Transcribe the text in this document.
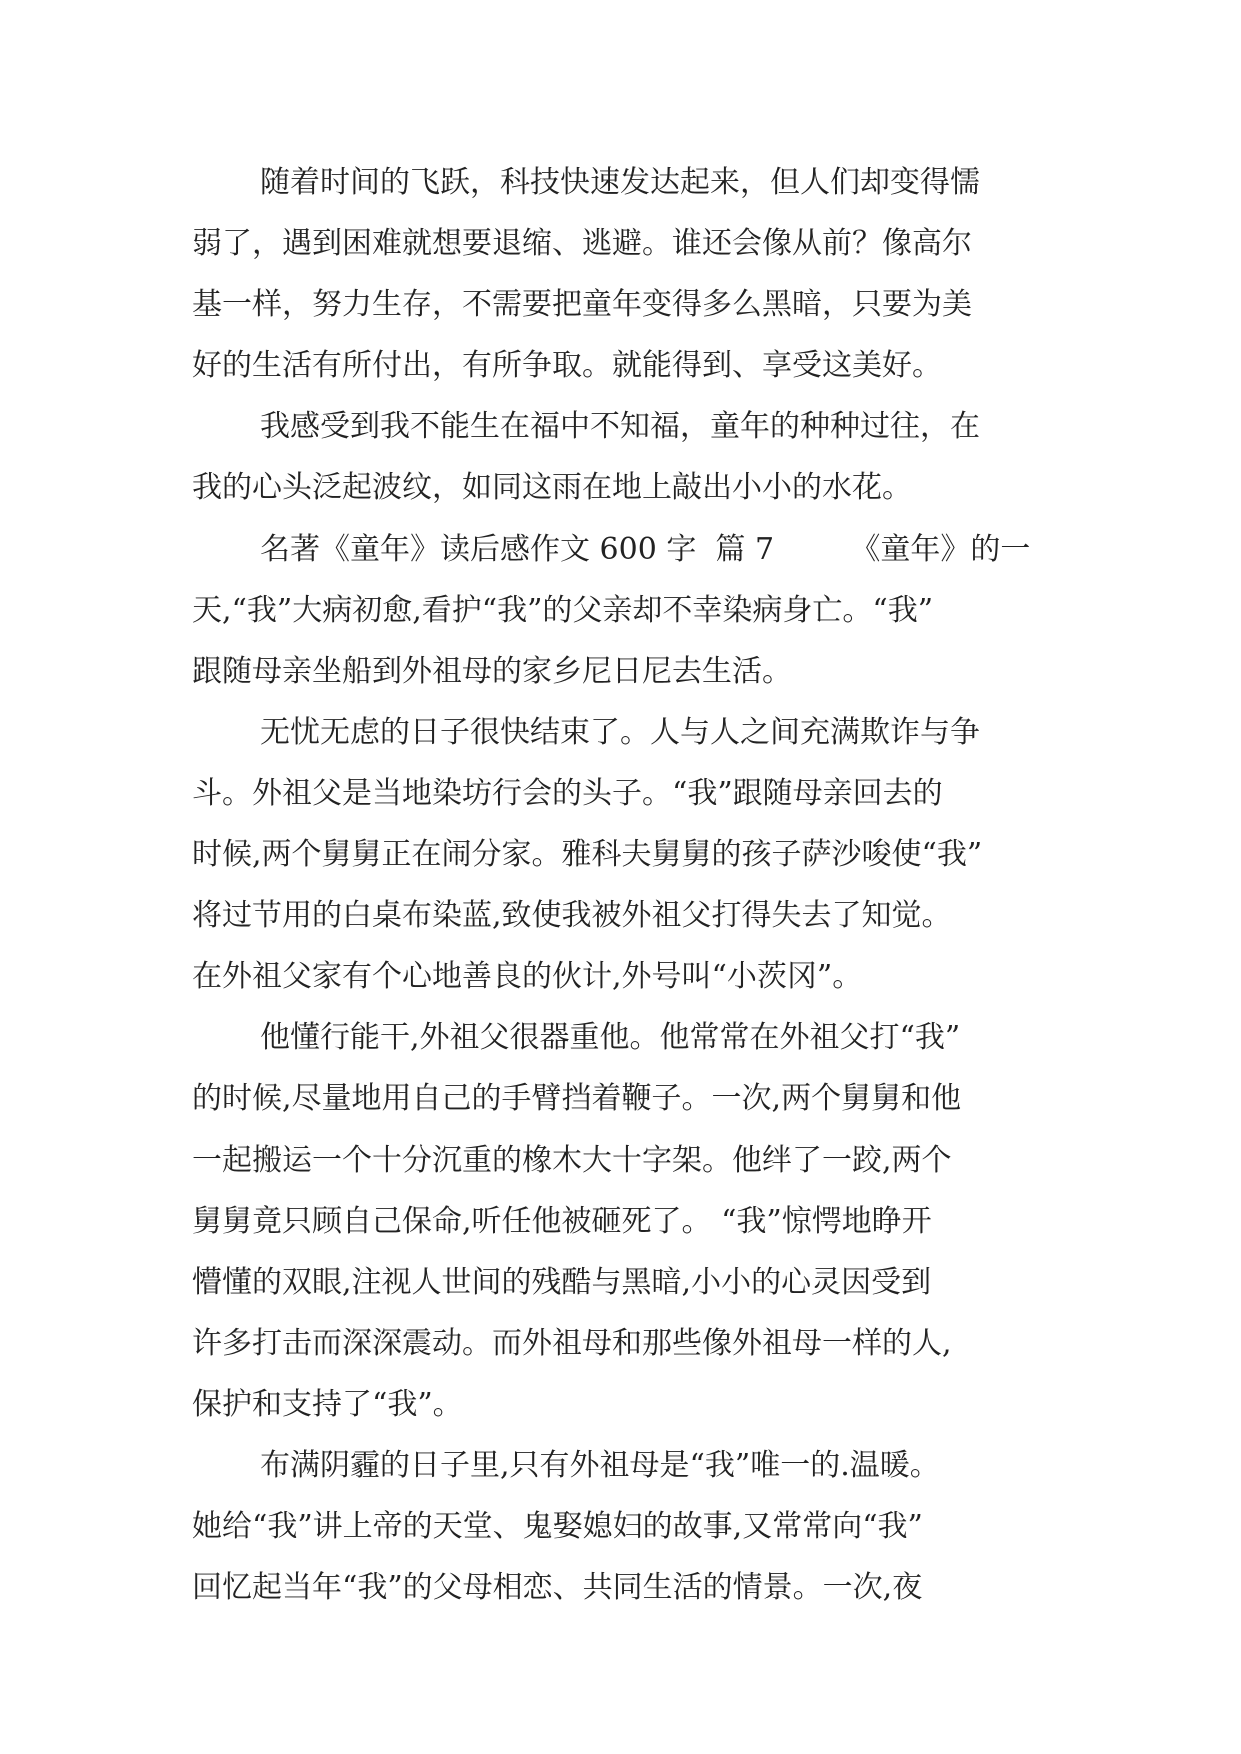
随着时间的飞跃，科技快速发达起来，但人们却变得懦
弱了，遇到困难就想要退缩、逃避。谁还会像从前？像高尔
基一样，努力生存，不需要把童年变得多么黑暗，只要为美
好的生活有所付出，有所争取。就能得到、享受这美好。
我感受到我不能生在福中不知福，童年的种种过往，在
我的心头泛起波纹，如同这雨在地上敲出小小的水花。
名著《童年》读后感作文 600 字  篇 7        《童年》的一
天,“我”大病初愈,看护“我”的父亲却不幸染病身亡。“我”
跟随母亲坐船到外祖母的家乡尼日尼去生活。
无忧无虑的日子很快结束了。人与人之间充满欺诈与争
斗。外祖父是当地染坊行会的头子。“我”跟随母亲回去的
时候,两个舅舅正在闹分家。雅科夫舅舅的孩子萨沙唆使“我”
将过节用的白桌布染蓝,致使我被外祖父打得失去了知觉。
在外祖父家有个心地善良的伙计,外号叫“小茨冈”。
他懂行能干,外祖父很器重他。他常常在外祖父打“我”
的时候,尽量地用自己的手臂挡着鞭子。一次,两个舅舅和他
一起搬运一个十分沉重的橡木大十字架。他绊了一跤,两个
舅舅竟只顾自己保命,听任他被砸死了。 “我”惊愕地睁开
懵懂的双眼,注视人世间的残酷与黑暗,小小的心灵因受到
许多打击而深深震动。而外祖母和那些像外祖母一样的人,
保护和支持了“我”。
布满阴霾的日子里,只有外祖母是“我”唯一的.温暖。
她给“我”讲上帝的天堂、鬼娶媳妇的故事,又常常向“我”
回忆起当年“我”的父母相恋、共同生活的情景。一次,夜
